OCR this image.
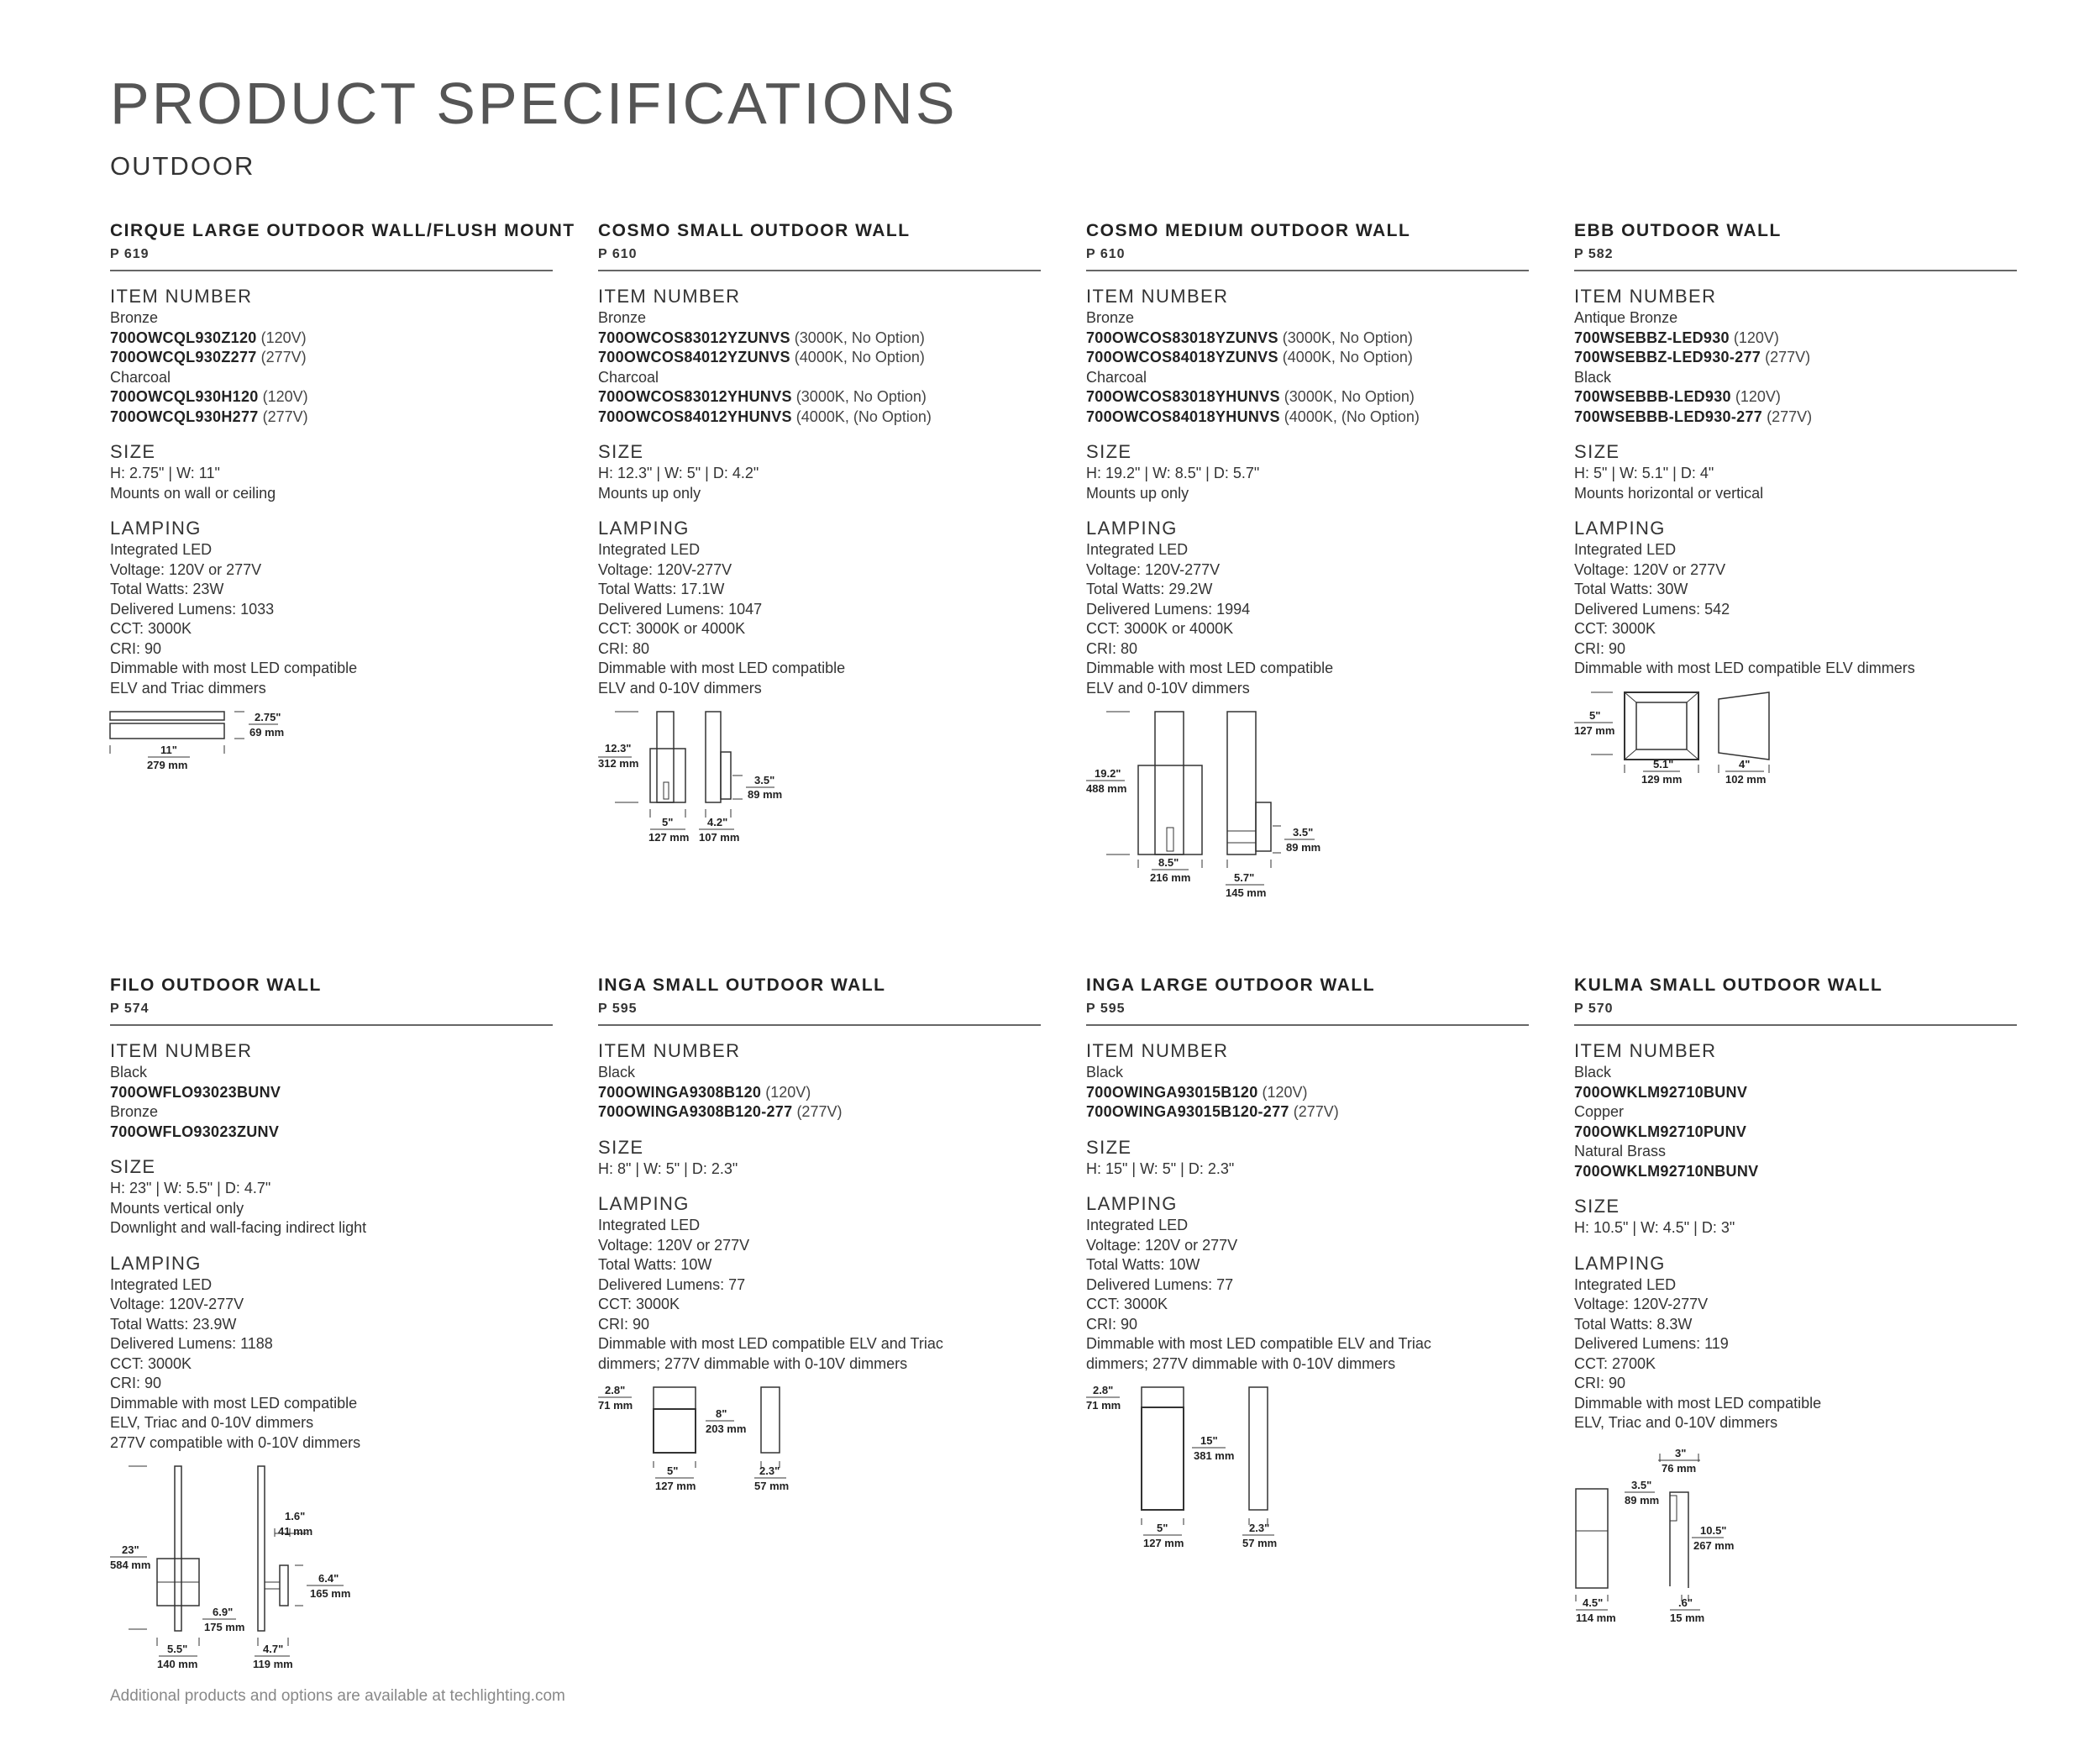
PRODUCT SPECIFICATIONS
OUTDOOR
CIRQUE LARGE OUTDOOR WALL/FLUSH MOUNT
P 619
ITEM NUMBER
Bronze
700OWCQL930Z120 (120V)
700OWCQL930Z277 (277V)
Charcoal
700OWCQL930H120 (120V)
700OWCQL930H277 (277V)
SIZE
H: 2.75" | W: 11"
Mounts on wall or ceiling
LAMPING
Integrated LED
Voltage: 120V or 277V
Total Watts: 23W
Delivered Lumens: 1033
CCT: 3000K
CRI: 90
Dimmable with most LED compatible
ELV and Triac dimmers
2.75"
69 mm
11"
279 mm
COSMO SMALL OUTDOOR WALL
P 610
ITEM NUMBER
Bronze
700OWCOS83012YZUNVS (3000K, No Option)
700OWCOS84012YZUNVS (4000K, No Option)
Charcoal
700OWCOS83012YHUNVS (3000K, No Option)
700OWCOS84012YHUNVS (4000K, (No Option)
SIZE
H: 12.3" | W: 5" | D: 4.2"
Mounts up only
LAMPING
Integrated LED
Voltage: 120V-277V
Total Watts: 17.1W
Delivered Lumens: 1047
CCT: 3000K or 4000K
CRI: 80
Dimmable with most LED compatible
ELV and 0-10V dimmers
12.3"
312 mm
3.5"
89 mm
5"
127 mm
4.2"
107 mm
COSMO MEDIUM OUTDOOR WALL
P 610
ITEM NUMBER
Bronze
700OWCOS83018YZUNVS (3000K, No Option)
700OWCOS84018YZUNVS (4000K, No Option)
Charcoal
700OWCOS83018YHUNVS (3000K, No Option)
700OWCOS84018YHUNVS (4000K, (No Option)
SIZE
H: 19.2" | W: 8.5" | D: 5.7"
Mounts up only
LAMPING
Integrated LED
Voltage: 120V-277V
Total Watts: 29.2W
Delivered Lumens: 1994
CCT: 3000K or 4000K
CRI: 80
Dimmable with most LED compatible
ELV and 0-10V dimmers
19.2"
488 mm
3.5"
89 mm
8.5"
216 mm	5.7"
145 mm
EBB OUTDOOR WALL
P 582
ITEM NUMBER
Antique Bronze
700WSEBBZ-LED930 (120V)
700WSEBBZ-LED930-277 (277V)
Black
700WSEBBB-LED930 (120V)
700WSEBBB-LED930-277 (277V)
SIZE
H: 5" | W: 5.1" | D: 4"
Mounts horizontal or vertical
LAMPING
Integrated LED
Voltage: 120V or 277V
Total Watts: 30W
Delivered Lumens: 542
CCT: 3000K
CRI: 90
Dimmable with most LED compatible ELV dimmers
5"
127 mm
5.1"
129 mm
4"
102 mm
FILO OUTDOOR WALL
P 574
ITEM NUMBER
Black
700OWFLO93023BUNV
Bronze
700OWFLO93023ZUNV
SIZE
H: 23" | W: 5.5" | D: 4.7"
Mounts vertical only
Downlight and wall-facing indirect light
LAMPING
Integrated LED
Voltage: 120V-277V
Total Watts: 23.9W
Delivered Lumens: 1188
CCT: 3000K
CRI: 90
Dimmable with most LED compatible
ELV, Triac and 0-10V dimmers
277V compatible with 0-10V dimmers
23"
584 mm
6.9"
175 mm
1.6"
41 mm
6.4"
165 mm
5.5"
140 mm
4.7"
119 mm
INGA SMALL OUTDOOR WALL
P 595
ITEM NUMBER
Black
700OWINGA9308B120 (120V)
700OWINGA9308B120-277 (277V)
SIZE
H: 8" | W: 5" | D: 2.3"
LAMPING
Integrated LED
Voltage: 120V or 277V
Total Watts: 10W
Delivered Lumens: 77
CCT: 3000K
CRI: 90
Dimmable with most LED compatible ELV and Triac
dimmers; 277V dimmable with 0-10V dimmers
2.8"
71 mm
8"
203 mm
5"
127 mm
2.3"
57 mm
INGA LARGE OUTDOOR WALL
P 595
ITEM NUMBER
Black
700OWINGA93015B120 (120V)
700OWINGA93015B120-277 (277V)
SIZE
H: 15" | W: 5" | D: 2.3"
LAMPING
Integrated LED
Voltage: 120V or 277V
Total Watts: 10W
Delivered Lumens: 77
CCT: 3000K
CRI: 90
Dimmable with most LED compatible ELV and Triac
dimmers; 277V dimmable with 0-10V dimmers
2.8"
71 mm
15"
381 mm
5"
127 mm
2.3"
57 mm
KULMA SMALL OUTDOOR WALL
P 570
ITEM NUMBER
Black
700OWKLM92710BUNV
Copper
700OWKLM92710PUNV
Natural Brass
700OWKLM92710NBUNV
SIZE
H: 10.5" | W: 4.5" | D: 3"
LAMPING
Integrated LED
Voltage: 120V-277V
Total Watts: 8.3W
Delivered Lumens: 119
CCT: 2700K
CRI: 90
Dimmable with most LED compatible
ELV, Triac and 0-10V dimmers
3"
76 mm
3.5"
89 mm
10.5"
267 mm
4.5"
114 mm
.6"
15 mm
Additional products and options are available at techlighting.com
